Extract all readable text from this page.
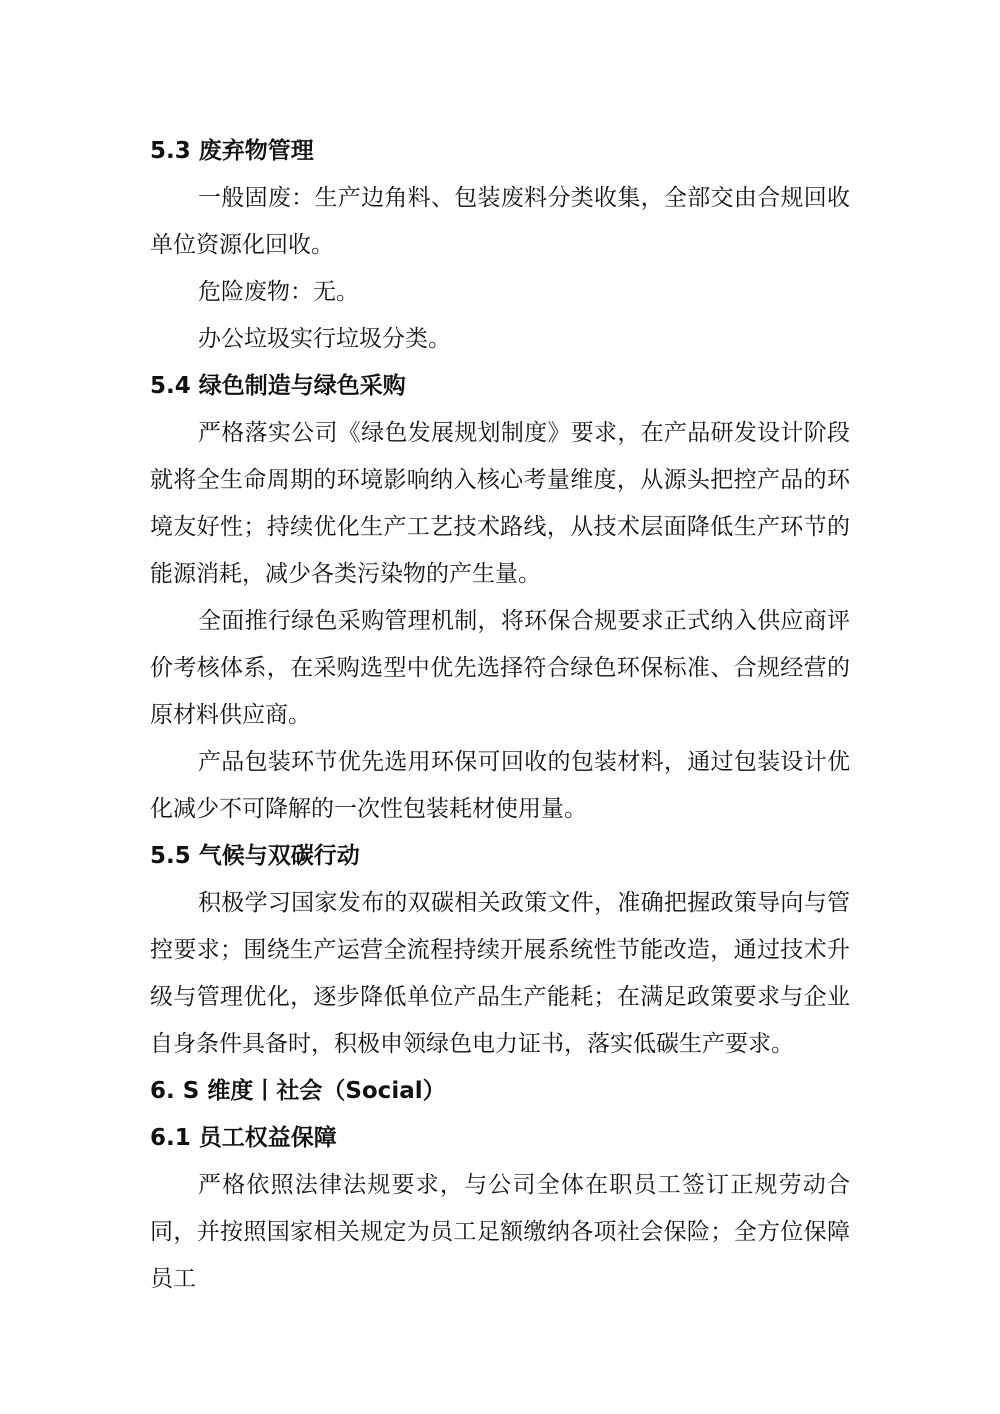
5.3 废弃物管理

一般固废：生产边角料、包装废料分类收集，全部交由合规回收单位资源化回收。

危险废物：无。

办公垃圾实行垃圾分类。

5.4 绿色制造与绿色采购

严格落实公司《绿色发展规划制度》要求，在产品研发设计阶段就将全生命周期的环境影响纳入核心考量维度，从源头把控产品的环境友好性；持续优化生产工艺技术路线，从技术层面降低生产环节的能源消耗，减少各类污染物的产生量。

全面推行绿色采购管理机制，将环保合规要求正式纳入供应商评价考核体系，在采购选型中优先选择符合绿色环保标准、合规经营的原材料供应商。

产品包装环节优先选用环保可回收的包装材料，通过包装设计优化减少不可降解的一次性包装耗材使用量。

5.5 气候与双碳行动

积极学习国家发布的双碳相关政策文件，准确把握政策导向与管控要求；围绕生产运营全流程持续开展系统性节能改造，通过技术升级与管理优化，逐步降低单位产品生产能耗；在满足政策要求与企业自身条件具备时，积极申领绿色电力证书，落实低碳生产要求。

6. S 维度丨社会（Social）
6.1 员工权益保障

严格依照法律法规要求，与公司全体在职员工签订正规劳动合同，并按照国家相关规定为员工足额缴纳各项社会保险；全方位保障员工
